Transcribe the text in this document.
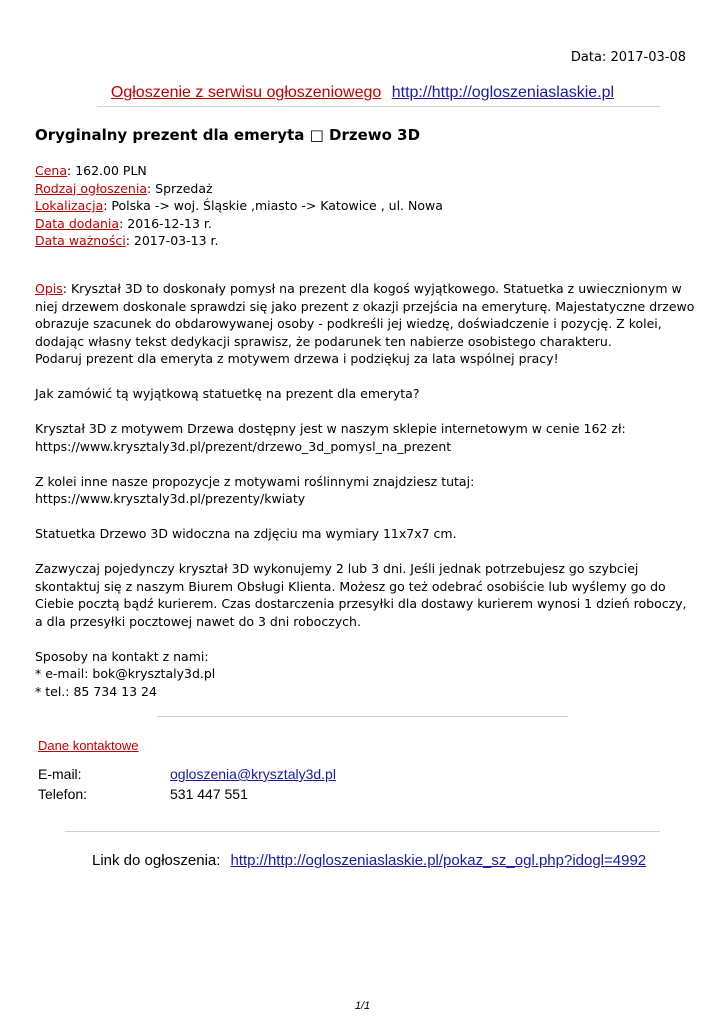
Data: 2017-03-08
Ogłoszenie z serwisu ogłoszeniowego http://http://ogloszeniaslaskie.pl
Oryginalny prezent dla emeryta □ Drzewo 3D
Cena: 162.00 PLN
Rodzaj ogłoszenia: Sprzedaż
Lokalizacja: Polska -> woj. Śląskie ,miasto -> Katowice , ul. Nowa
Data dodania: 2016-12-13 r.
Data ważności: 2017-03-13 r.

Opis: Kryształ 3D to doskonały pomysł na prezent dla kogoś wyjątkowego. Statuetka z uwiecznionym w niej drzewem doskonale sprawdzi się jako prezent z okazji przejścia na emeryturę. Majestatyczne drzewo obrazuje szacunek do obdarowywanej osoby - podkreśli jej wiedzę, doświadczenie i pozycję. Z kolei, dodając własny tekst dedykacji sprawisz, że podarunek ten nabierze osobistego charakteru.
Podaruj prezent dla emeryta z motywem drzewa i podziękuj za lata wspólnej pracy!

Jak zamówić tą wyjątkową statuetkę na prezent dla emeryta?

Kryształ 3D z motywem Drzewa dostępny jest w naszym sklepie internetowym w cenie 162 zł:
https://www.krysztaly3d.pl/prezent/drzewo_3d_pomysl_na_prezent

Z kolei inne nasze propozycje z motywami roślinnymi znajdziesz tutaj:
https://www.krysztaly3d.pl/prezenty/kwiaty

Statuetka Drzewo 3D widoczna na zdjęciu ma wymiary 11x7x7 cm.

Zazwyczaj pojedynczy kryształ 3D wykonujemy 2 lub 3 dni. Jeśli jednak potrzebujesz go szybciej skontaktuj się z naszym Biurem Obsługi Klienta. Możesz go też odebrać osobiście lub wyślemy go do Ciebie pocztą bądź kurierem. Czas dostarczenia przesyłki dla dostawy kurierem wynosi 1 dzień roboczy, a dla przesyłki pocztowej nawet do 3 dni roboczych.

Sposoby na kontakt z nami:
* e-mail: bok@krysztaly3d.pl
* tel.: 85 734 13 24

Dane kontaktowe
E-mail:	ogloszenia@krysztaly3d.pl
Telefon:	531 447 551
Link do ogłoszenia: http://http://ogloszeniaslaskie.pl/pokaz_sz_ogl.php?idogl=4992
1/1
